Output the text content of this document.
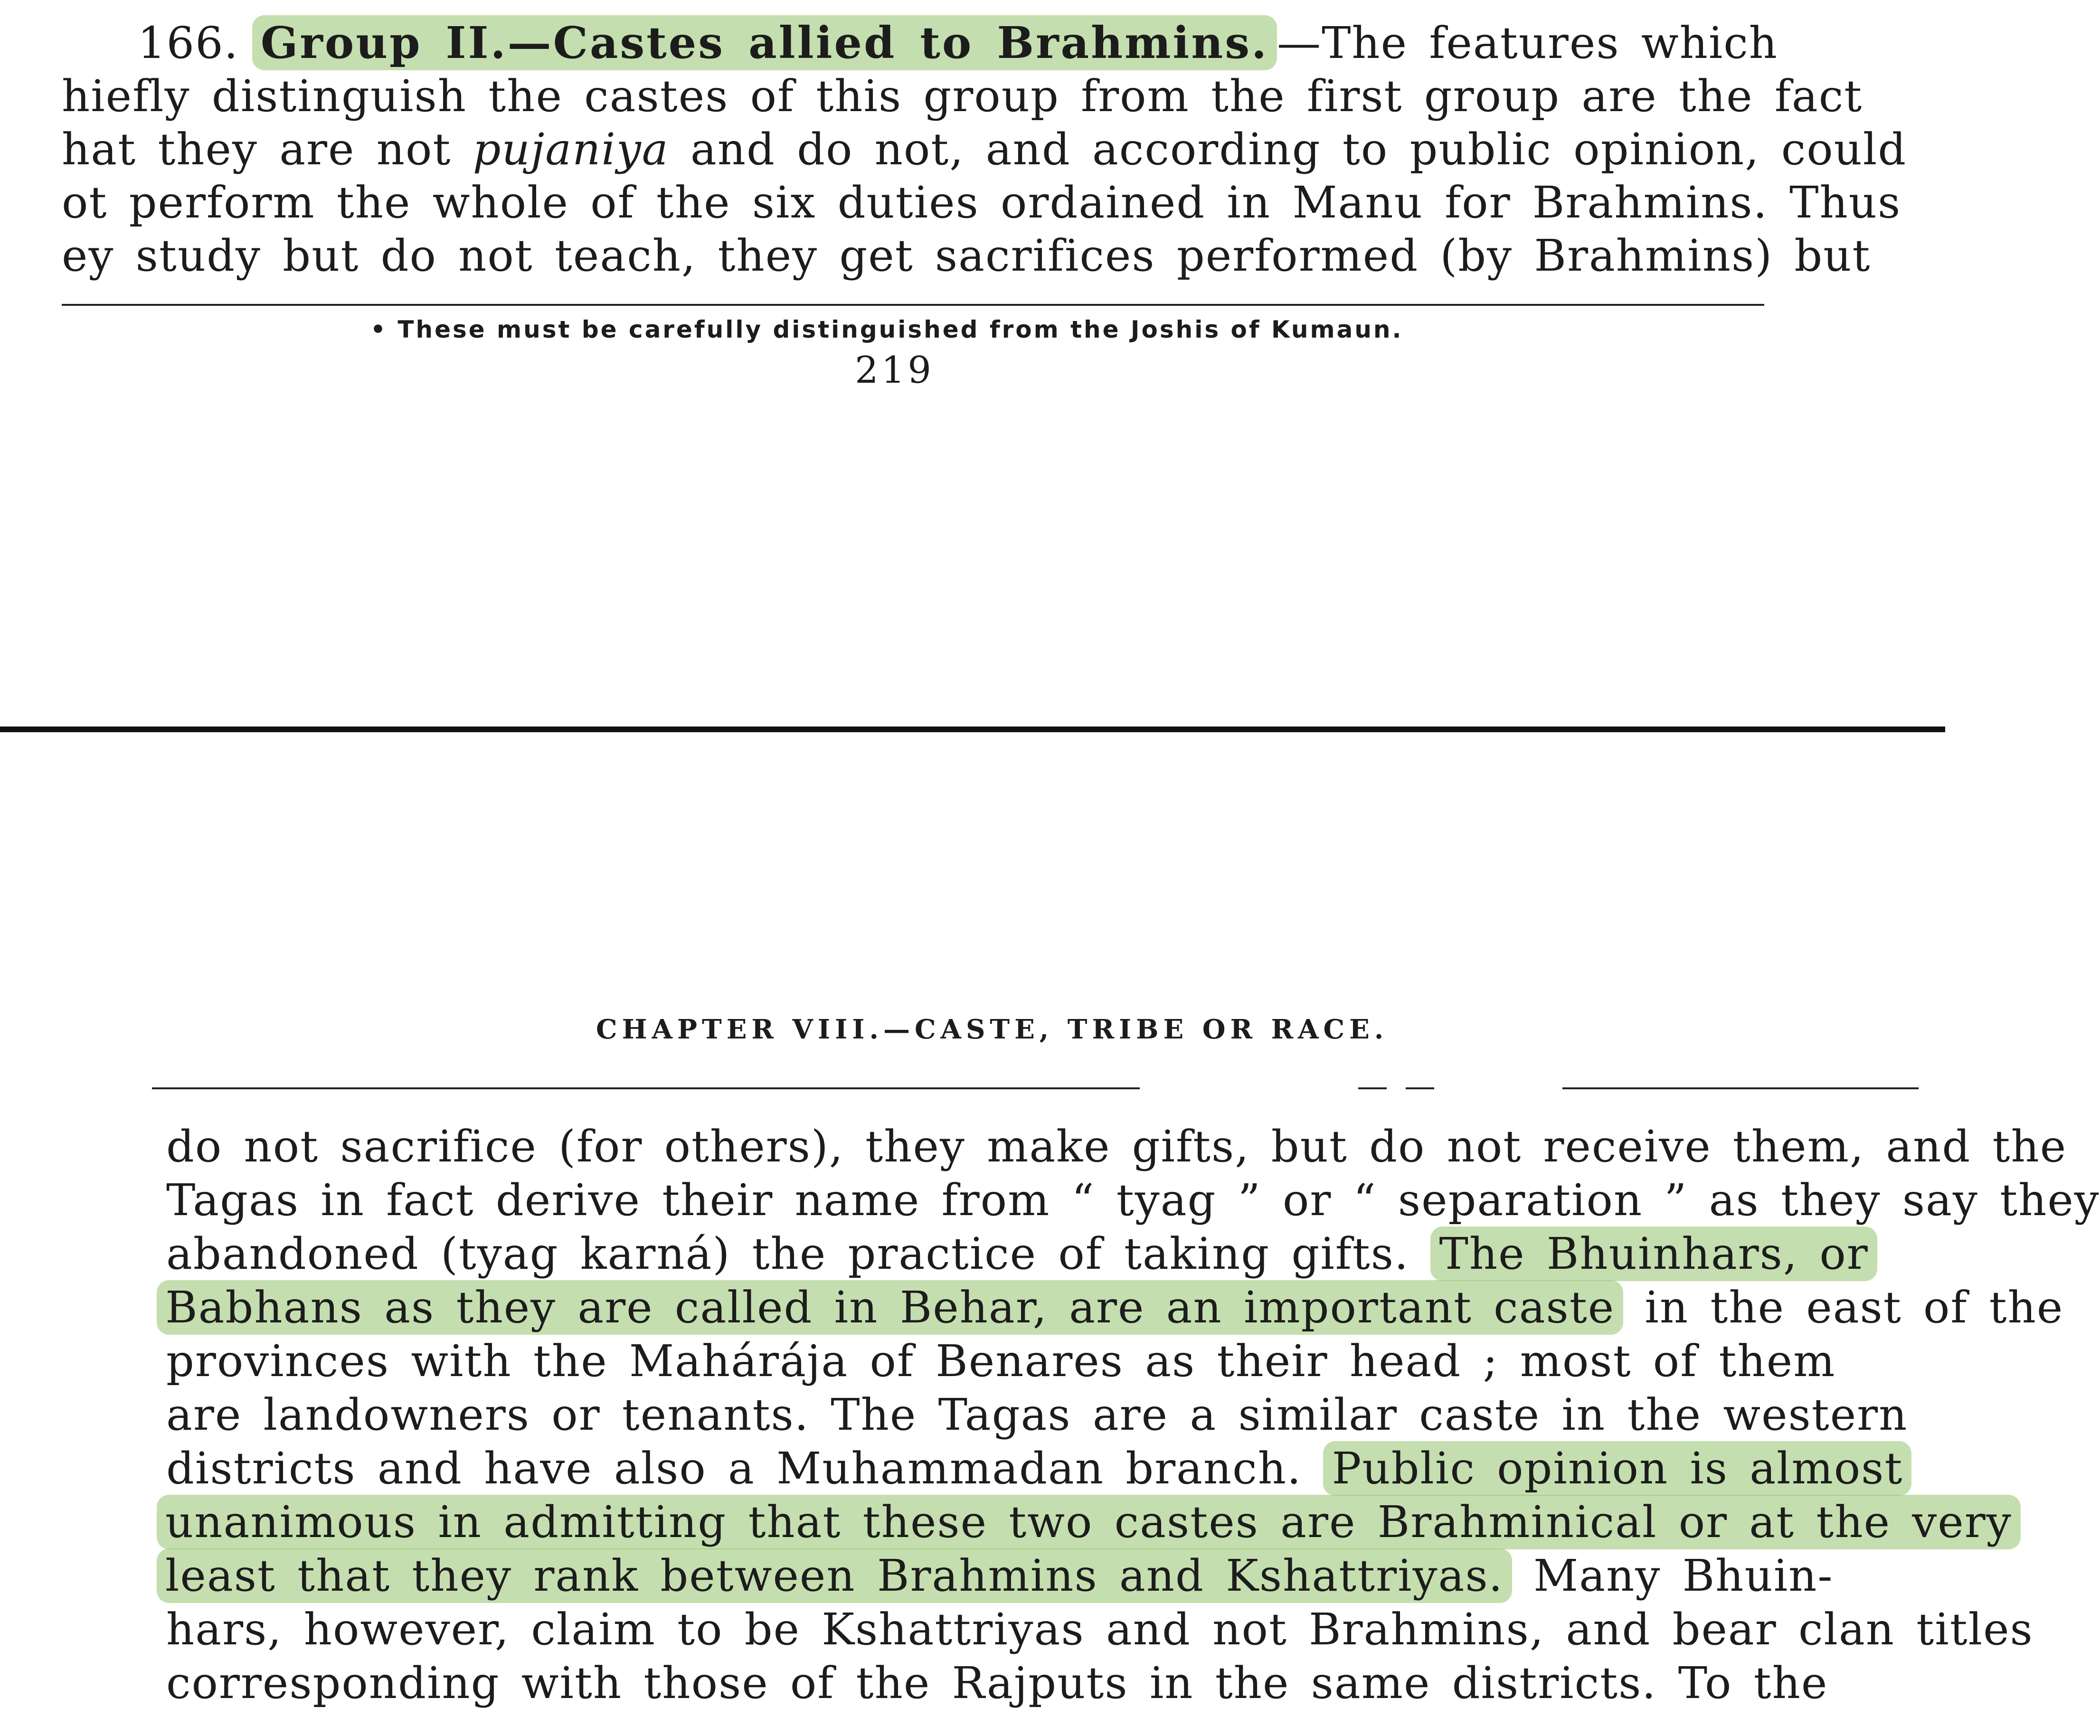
166. Group II.—Castes allied to Brahmins. —The features which
hiefly distinguish the castes of this group from the first group are the fact
hat they are not pujaniya and do not, and according to public opinion, could
ot perform the whole of the six duties ordained in Manu for Brahmins. Thus
ey study but do not teach, they get sacrifices performed (by Brahmins) but
• These must be carefully distinguished from the Joshis of Kumaun.
219
CHAPTER VIII.—CASTE, TRIBE OR RACE.
do not sacrifice (for others), they make gifts, but do not receive them, and the
Tagas in fact derive their name from “ tyag ” or “ separation ” as they say they
abandoned (tyag karná) the practice of taking gifts. The Bhuinhars, or
Babhans as they are called in Behar, are an important caste in the east of the
provinces with the Mahárája of Benares as their head ; most of them
are landowners or tenants. The Tagas are a similar caste in the western
districts and have also a Muhammadan branch. Public opinion is almost
unanimous in admitting that these two castes are Brahminical or at the very
least that they rank between Brahmins and Kshattriyas. Many Bhuin-
hars, however, claim to be Kshattriyas and not Brahmins, and bear clan titles
corresponding with those of the Rajputs in the same districts. To the
